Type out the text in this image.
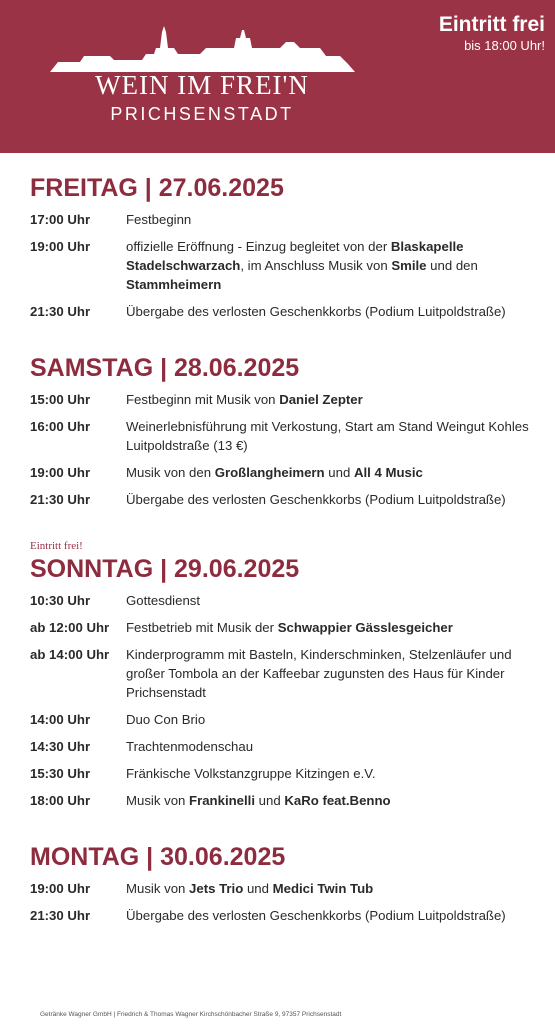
WEIN IM FREI'N
PRICHSENSTADT
Eintritt frei
bis 18:00 Uhr!
FREITAG | 27.06.2025
17:00 Uhr	Festbeginn
19:00 Uhr	offizielle Eröffnung - Einzug begleitet von der Blaskapelle Stadelschwarzach, im Anschluss Musik von Smile und den Stammheimern
21:30 Uhr	Übergabe des verlosten Geschenkkorbs (Podium Luitpoldstraße)
SAMSTAG | 28.06.2025
15:00 Uhr	Festbeginn mit Musik von Daniel Zepter
16:00 Uhr	Weinerlebnisführung mit Verkostung, Start am Stand Weingut Kohles Luitpoldstraße (13 €)
19:00 Uhr	Musik von den Großlangheimern und All 4 Music
21:30 Uhr	Übergabe des verlosten Geschenkkorbs (Podium Luitpoldstraße)
Eintritt frei!
SONNTAG | 29.06.2025
10:30 Uhr	Gottesdienst
ab 12:00 Uhr	Festbetrieb mit Musik der Schwappier Gässlesgeicher
ab 14:00 Uhr	Kinderprogramm mit Basteln, Kinderschminken, Stelzenläufer und großer Tombola an der Kaffeebar zugunsten des Haus für Kinder Prichsenstadt
14:00 Uhr	Duo Con Brio
14:30 Uhr	Trachtenmodenschau
15:30 Uhr	Fränkische Volkstanzgruppe Kitzingen e.V.
18:00 Uhr	Musik von Frankinelli und KaRo feat.Benno
MONTAG | 30.06.2025
19:00 Uhr	Musik von Jets Trio und Medici Twin Tub
21:30 Uhr	Übergabe des verlosten Geschenkkorbs (Podium Luitpoldstraße)
Getränke Wagner GmbH | Friedrich & Thomas Wagner Kirchschönbacher Straße 9, 97357 Prichsenstadt
